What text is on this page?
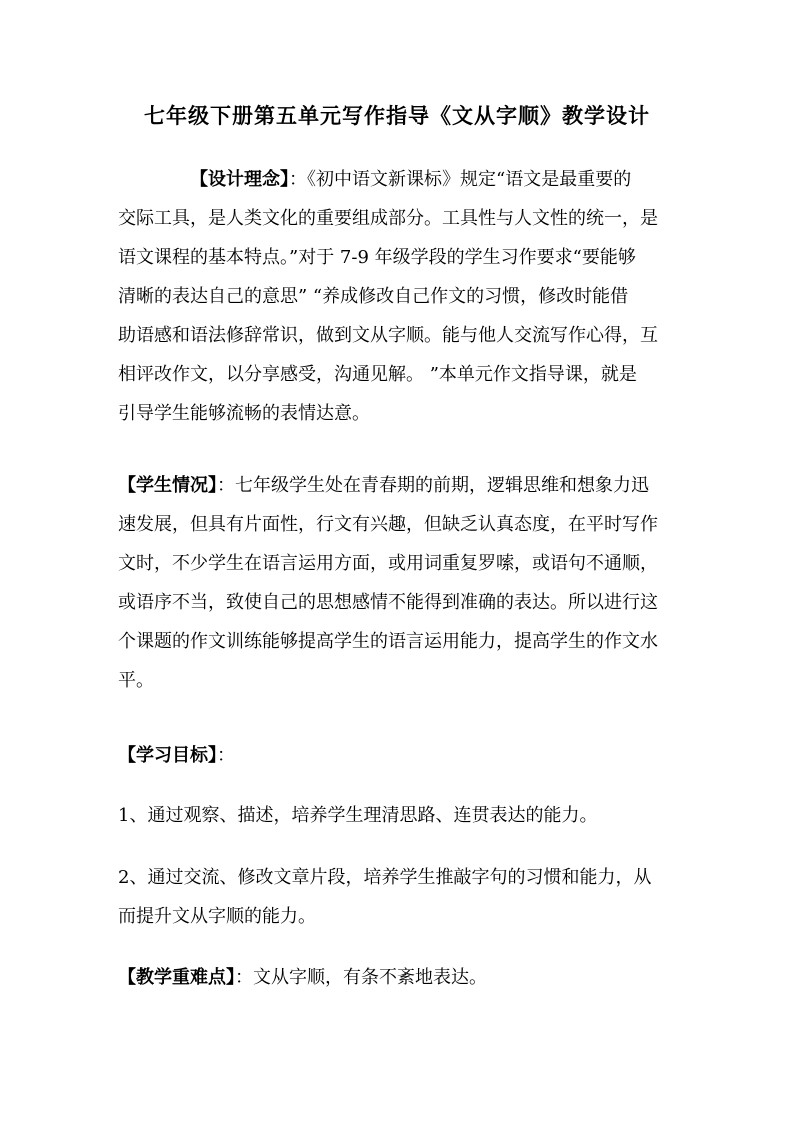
七年级下册第五单元写作指导《文从字顺》教学设计
【设计理念】：《初中语文新课标》规定“语文是最重要的
交际工具，是人类文化的重要组成部分。工具性与人文性的统一，是
语文课程的基本特点。”对于 7-9 年级学段的学生习作要求“要能够
清晰的表达自己的意思” “养成修改自己作文的习惯，修改时能借
助语感和语法修辞常识，做到文从字顺。能与他人交流写作心得，互
相评改作文，以分享感受，沟通见解。 ”本单元作文指导课，就是
引导学生能够流畅的表情达意。
【学生情况】：七年级学生处在青春期的前期，逻辑思维和想象力迅
速发展，但具有片面性，行文有兴趣，但缺乏认真态度，在平时写作
文时，不少学生在语言运用方面，或用词重复罗嗦，或语句不通顺，
或语序不当，致使自己的思想感情不能得到准确的表达。所以进行这
个课题的作文训练能够提高学生的语言运用能力，提高学生的作文水
平。
【学习目标】：
1、通过观察、描述，培养学生理清思路、连贯表达的能力。
2、通过交流、修改文章片段，培养学生推敲字句的习惯和能力，从
而提升文从字顺的能力。
【教学重难点】：文从字顺，有条不紊地表达。
